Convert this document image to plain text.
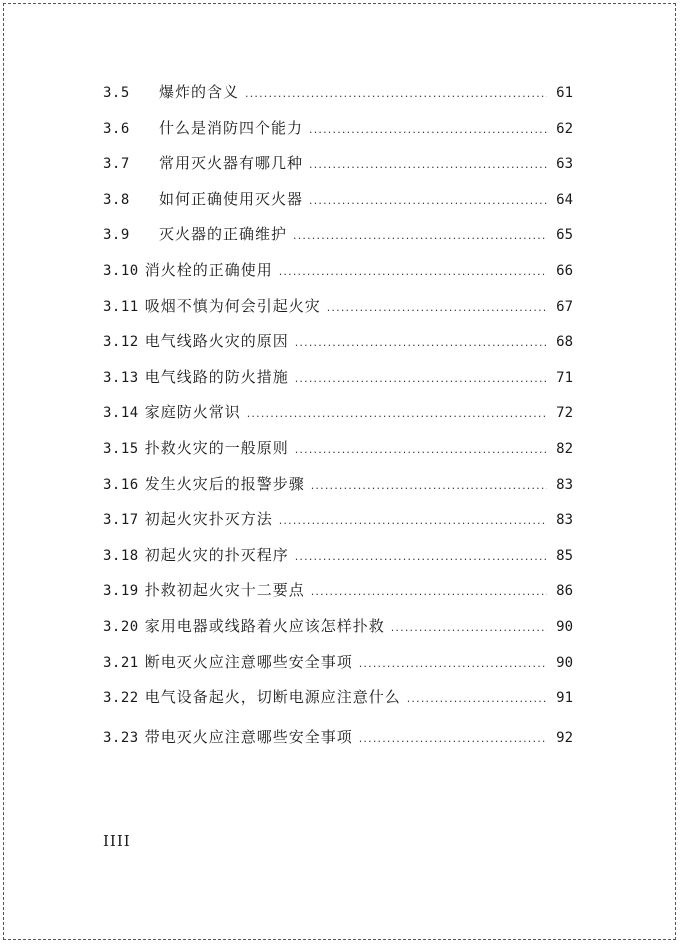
3.5	爆炸的含义 .....	61
3.6	什么是消防四个能力 .....	62
3.7	常用灭火器有哪几种 .....	63
3.8	如何正确使用灭火器 .....	64
3.9	灭火器的正确维护 .....	65
3.10 消火栓的正确使用 .....	66
3.11 吸烟不慎为何会引起火灾 .....	67
3.12 电气线路火灾的原因 .....	68
3.13 电气线路的防火措施 .....	71
3.14 家庭防火常识 .....	72
3.15 扑救火灾的一般原则 .....	82
3.16 发生火灾后的报警步骤 .....	83
3.17 初起火灾扑灭方法 .....	83
3.18 初起火灾的扑灭程序 .....	85
3.19 扑救初起火灾十二要点 .....	86
3.20 家用电器或线路着火应该怎样扑救 .....	90
3.21 断电灭火应注意哪些安全事项 .....	90
3.22 电气设备起火，切断电源应注意什么 .....	91
3.23 带电灭火应注意哪些安全事项 .....	92
IIII
